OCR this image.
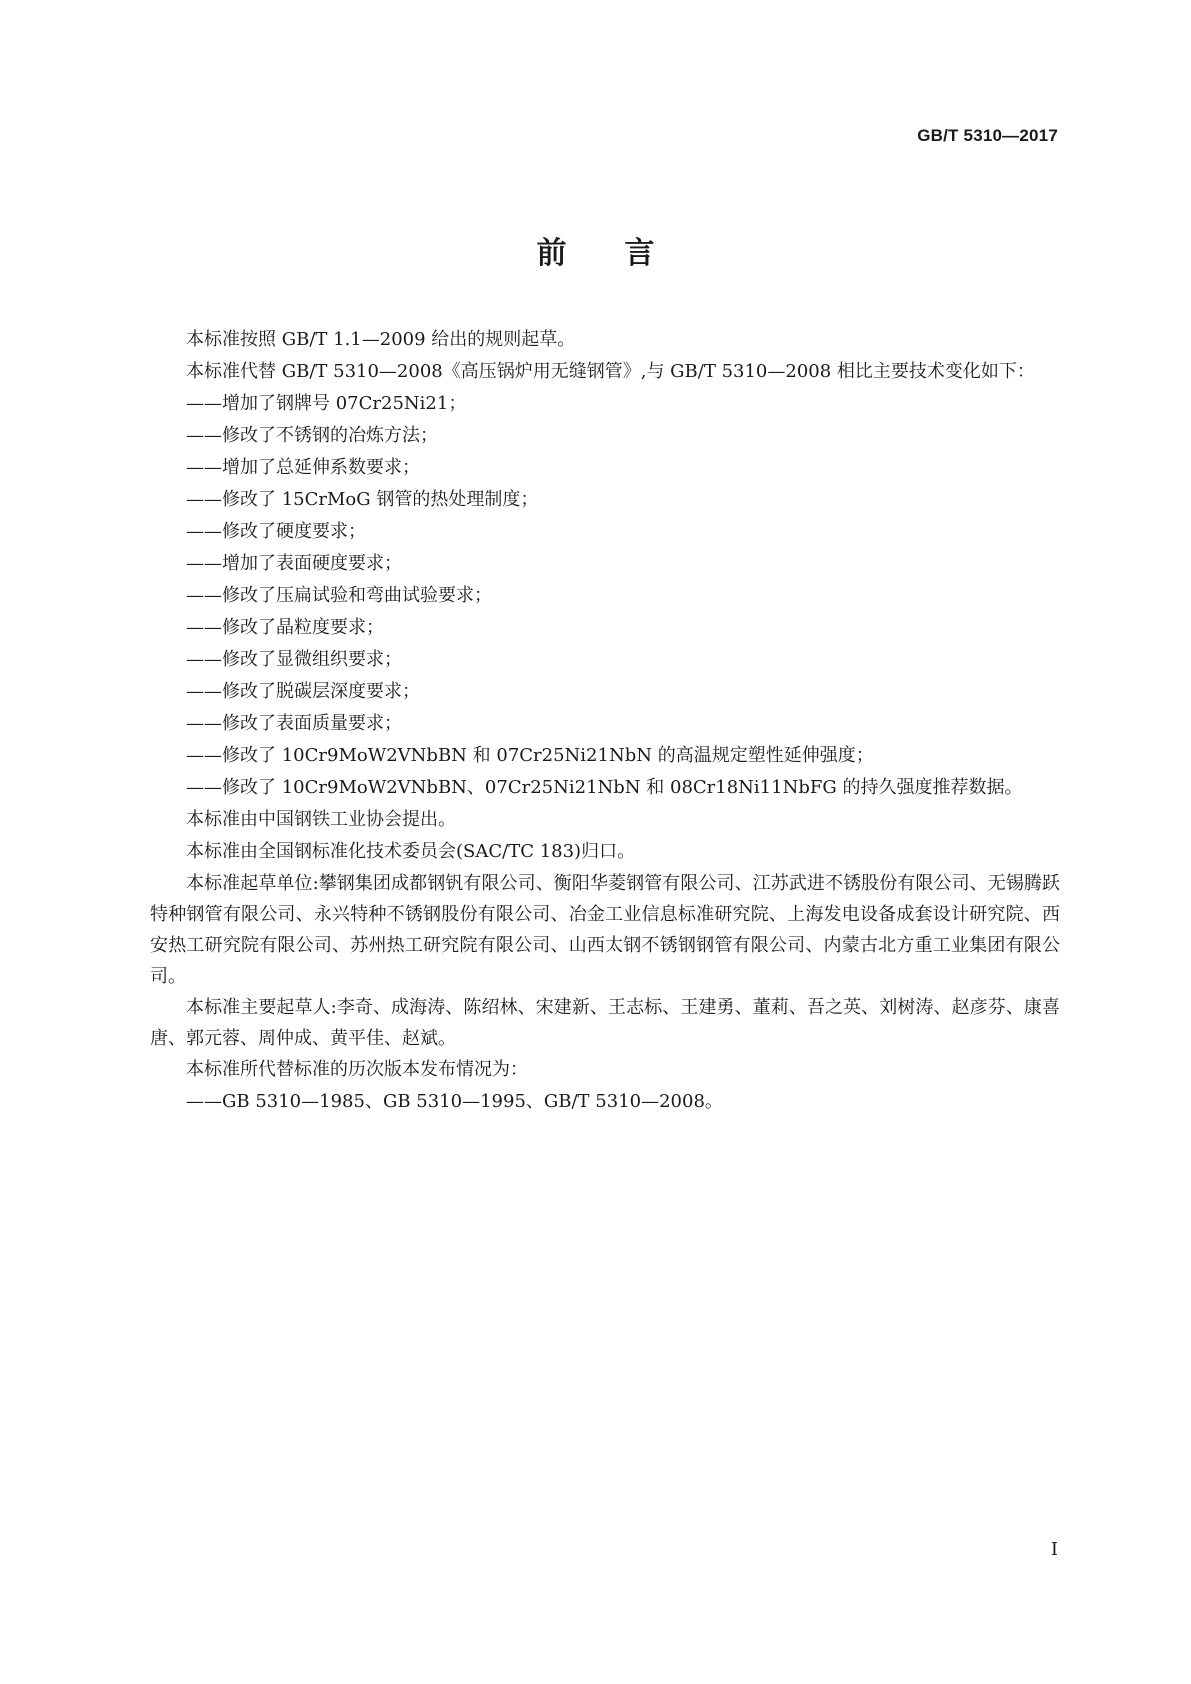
GB/T 5310—2017
前言

本标准按照 GB/T 1.1—2009 给出的规则起草。

本标准代替 GB/T 5310—2008《高压锅炉用无缝钢管》,与 GB/T 5310—2008 相比主要技术变化如下：

——增加了钢牌号 07Cr25Ni21；

——修改了不锈钢的冶炼方法；

——增加了总延伸系数要求；

——修改了 15CrMoG 钢管的热处理制度；

——修改了硬度要求；

——增加了表面硬度要求；

——修改了压扁试验和弯曲试验要求；

——修改了晶粒度要求；

——修改了显微组织要求；

——修改了脱碳层深度要求；

——修改了表面质量要求；

——修改了 10Cr9MoW2VNbBN 和 07Cr25Ni21NbN 的高温规定塑性延伸强度；

——修改了 10Cr9MoW2VNbBN、07Cr25Ni21NbN 和 08Cr18Ni11NbFG 的持久强度推荐数据。

本标准由中国钢铁工业协会提出。

本标准由全国钢标准化技术委员会(SAC/TC 183)归口。

本标准起草单位:攀钢集团成都钢钒有限公司、衡阳华菱钢管有限公司、江苏武进不锈股份有限公司、无锡腾跃特种钢管有限公司、永兴特种不锈钢股份有限公司、冶金工业信息标准研究院、上海发电设备成套设计研究院、西安热工研究院有限公司、苏州热工研究院有限公司、山西太钢不锈钢钢管有限公司、内蒙古北方重工业集团有限公司。

本标准主要起草人:李奇、成海涛、陈绍林、宋建新、王志标、王建勇、董莉、吾之英、刘树涛、赵彦芬、康喜唐、郭元蓉、周仲成、黄平佳、赵斌。

本标准所代替标准的历次版本发布情况为：

——GB 5310—1985、GB 5310—1995、GB/T 5310—2008。

I
